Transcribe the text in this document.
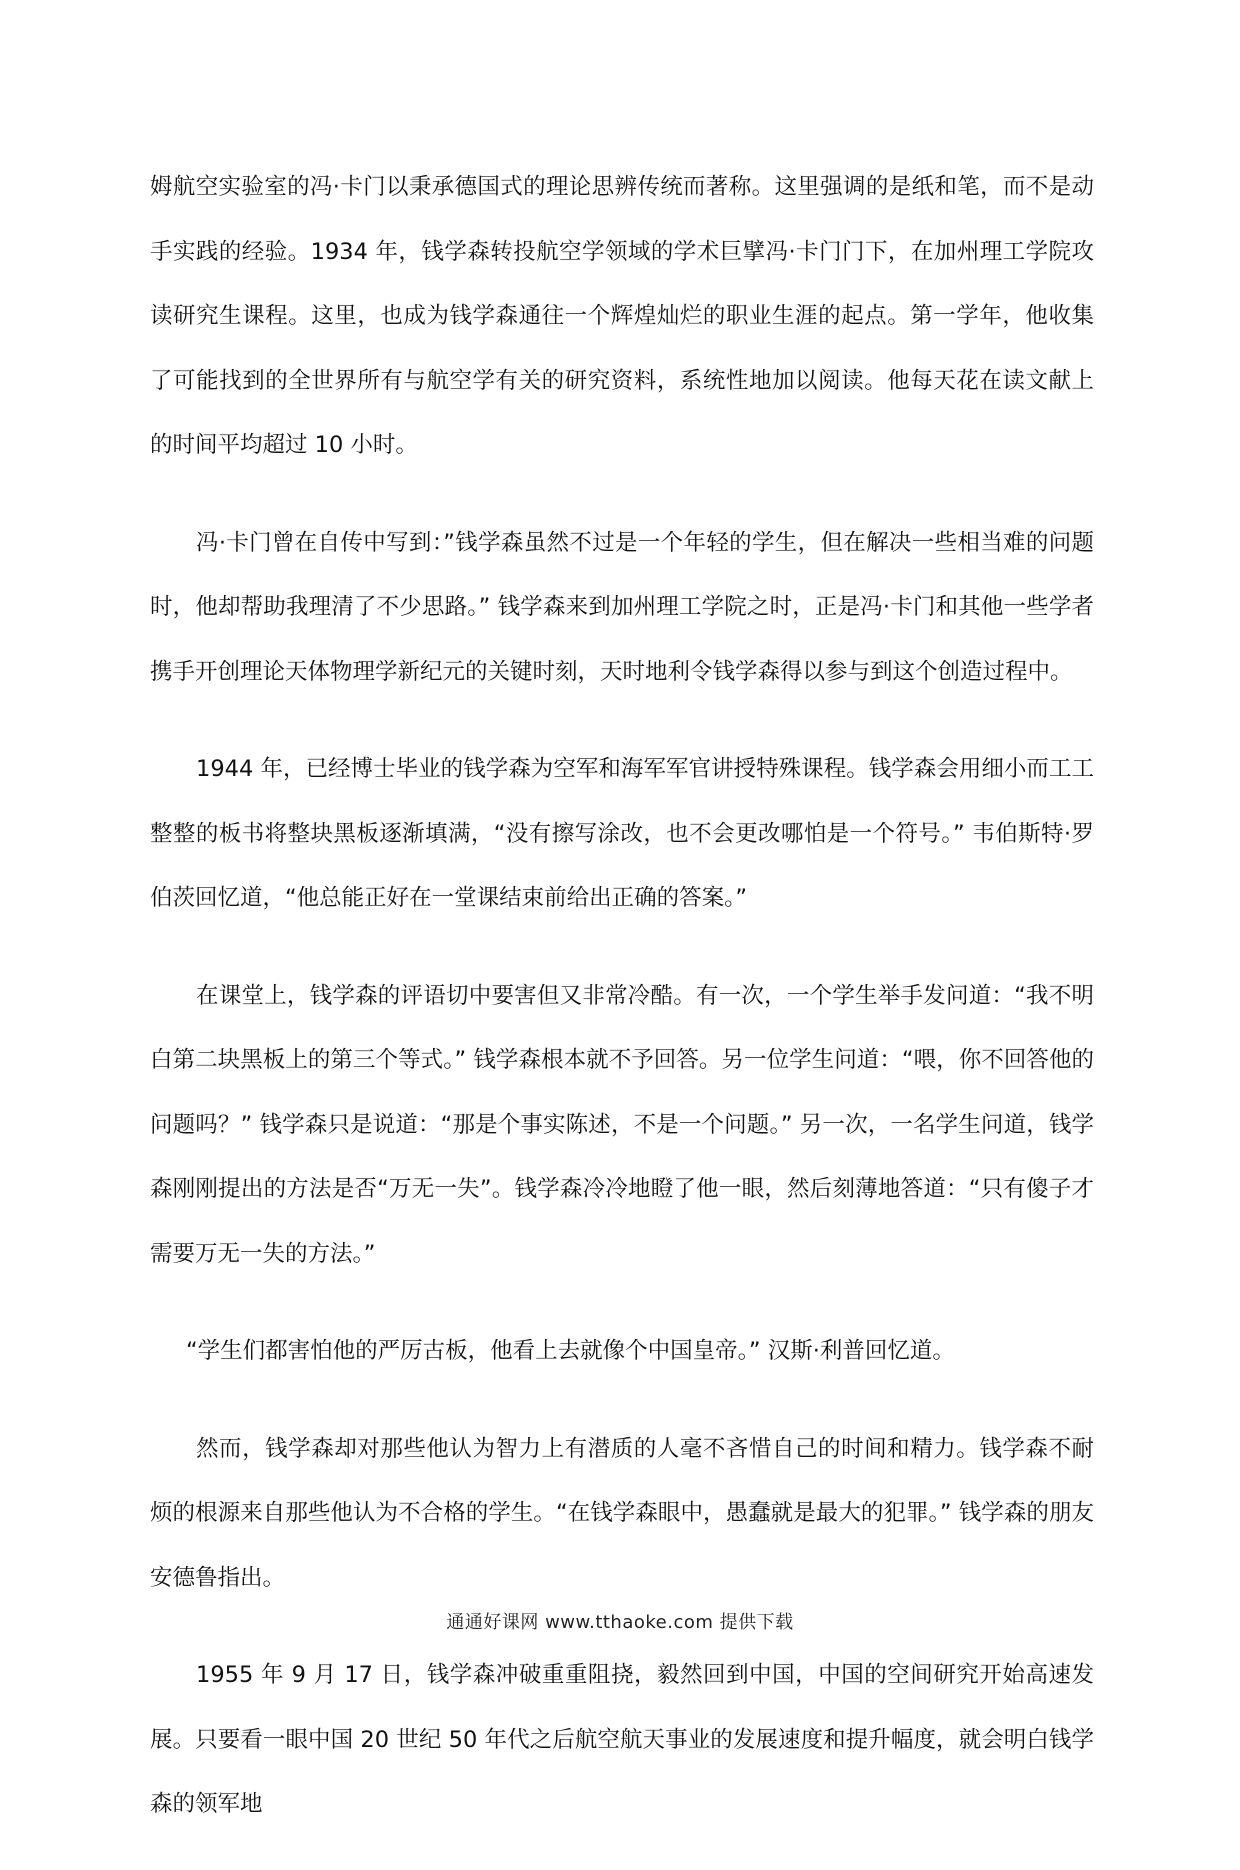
姆航空实验室的冯·卡门以秉承德国式的理论思辨传统而著称。这里强调的是纸和笔，而不是动手实践的经验。1934 年，钱学森转投航空学领域的学术巨擘冯·卡门门下，在加州理工学院攻读研究生课程。这里，也成为钱学森通往一个辉煌灿烂的职业生涯的起点。第一学年，他收集了可能找到的全世界所有与航空学有关的研究资料，系统性地加以阅读。他每天花在读文献上的时间平均超过 10 小时。

冯·卡门曾在自传中写到：”钱学森虽然不过是一个年轻的学生，但在解决一些相当难的问题时，他却帮助我理清了不少思路。” 钱学森来到加州理工学院之时，正是冯·卡门和其他一些学者携手开创理论天体物理学新纪元的关键时刻，天时地利令钱学森得以参与到这个创造过程中。

1944 年，已经博士毕业的钱学森为空军和海军军官讲授特殊课程。钱学森会用细小而工工整整的板书将整块黑板逐渐填满，“没有擦写涂改，也不会更改哪怕是一个符号。” 韦伯斯特·罗伯茨回忆道，“他总能正好在一堂课结束前给出正确的答案。”

在课堂上，钱学森的评语切中要害但又非常冷酷。有一次，一个学生举手发问道：“我不明白第二块黑板上的第三个等式。” 钱学森根本就不予回答。另一位学生问道：“喂，你不回答他的问题吗？” 钱学森只是说道：“那是个事实陈述，不是一个问题。” 另一次，一名学生问道，钱学森刚刚提出的方法是否“万无一失”。钱学森冷冷地瞪了他一眼，然后刻薄地答道：“只有傻子才需要万无一失的方法。”

“学生们都害怕他的严厉古板，他看上去就像个中国皇帝。” 汉斯·利普回忆道。

然而，钱学森却对那些他认为智力上有潜质的人毫不吝惜自己的时间和精力。钱学森不耐烦的根源来自那些他认为不合格的学生。“在钱学森眼中，愚蠢就是最大的犯罪。” 钱学森的朋友安德鲁指出。

1955 年 9 月 17 日，钱学森冲破重重阻挠，毅然回到中国，中国的空间研究开始高速发展。只要看一眼中国 20 世纪 50 年代之后航空航天事业的发展速度和提升幅度，就会明白钱学森的领军地

通通好课网 www.tthaoke.com 提供下载
